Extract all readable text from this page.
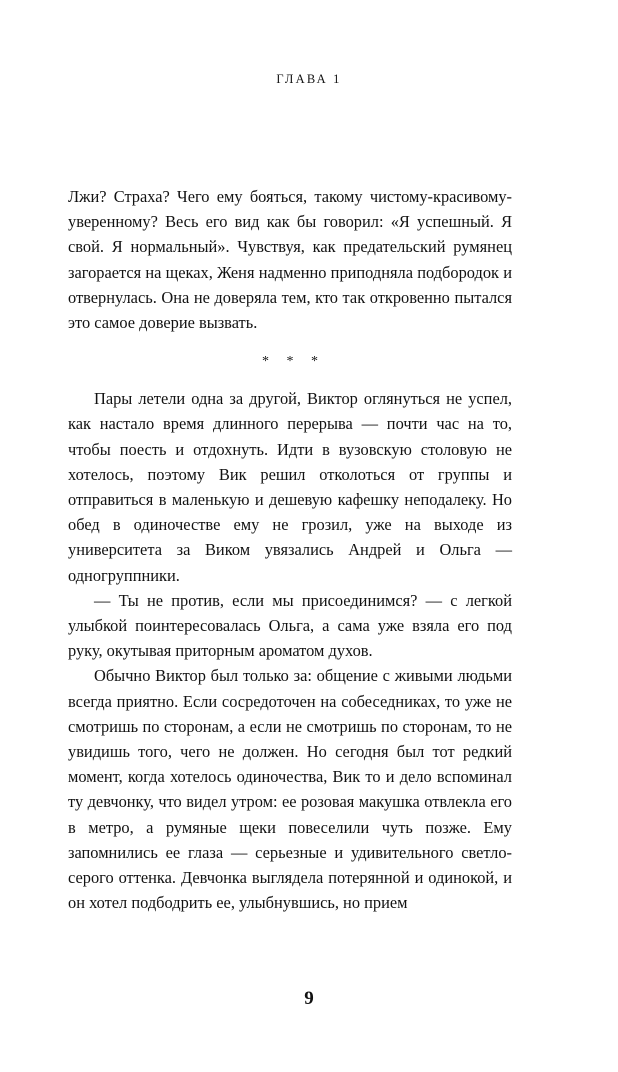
ГЛАВА 1

Лжи? Страха? Чего ему бояться, такому чистому-красивому-уверенному? Весь его вид как бы говорил: «Я успешный. Я свой. Я нормальный». Чувствуя, как предательский румянец загорается на щеках, Женя надменно приподняла подбородок и отвернулась. Она не доверяла тем, кто так откровенно пытался это самое доверие вызвать.

* * *

Пары летели одна за другой, Виктор оглянуться не успел, как настало время длинного перерыва — почти час на то, чтобы поесть и отдохнуть. Идти в вузовскую столовую не хотелось, поэтому Вик решил отколоться от группы и отправиться в маленькую и дешевую кафешку неподалеку. Но обед в одиночестве ему не грозил, уже на выходе из университета за Виком увязались Андрей и Ольга — одногруппники.

— Ты не против, если мы присоединимся? — с легкой улыбкой поинтересовалась Ольга, а сама уже взяла его под руку, окутывая приторным ароматом духов.

Обычно Виктор был только за: общение с живыми людьми всегда приятно. Если сосредоточен на собеседниках, то уже не смотришь по сторонам, а если не смотришь по сторонам, то не увидишь того, чего не должен. Но сегодня был тот редкий момент, когда хотелось одиночества, Вик то и дело вспоминал ту девчонку, что видел утром: ее розовая макушка отвлекла его в метро, а румяные щеки повеселили чуть позже. Ему запомнились ее глаза — серьезные и удивительного светло-серого оттенка. Девчонка выглядела потерянной и одинокой, и он хотел подбодрить ее, улыбнувшись, но прием

9
